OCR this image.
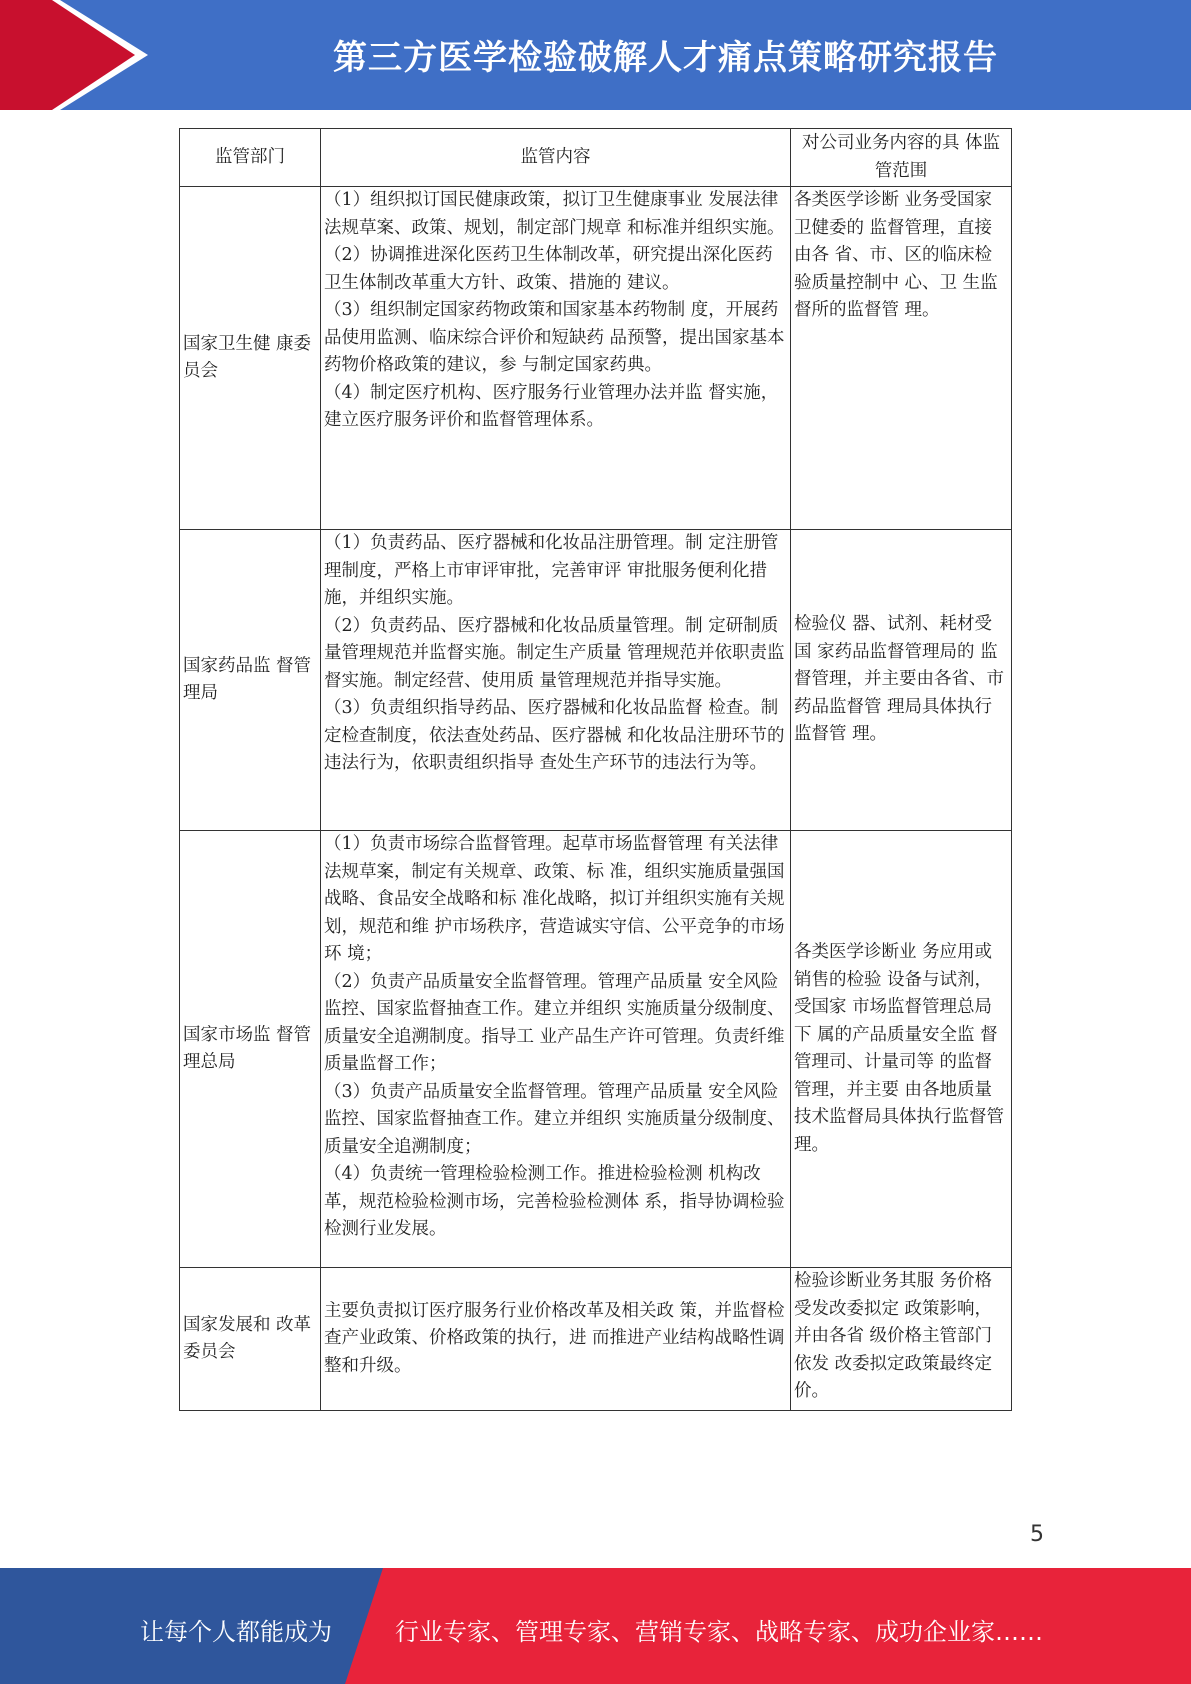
第三方医学检验破解人才痛点策略研究报告
监管部门	监管内容	对公司业务内容的具 体监管范围
国家卫生健 康委员会	（1）组织拟订国民健康政策，拟订卫生健康事业 发展法律法规草案、政策、规划，制定部门规章 和标准并组织实施。

（2）协调推进深化医药卫生体制改革，研究提出深化医药卫生体制改革重大方针、政策、措施的 建议。

（3）组织制定国家药物政策和国家基本药物制 度，开展药品使用监测、临床综合评价和短缺药 品预警，提出国家基本药物价格政策的建议，参 与制定国家药典。

（4）制定医疗机构、医疗服务行业管理办法并监 督实施，建立医疗服务评价和监督管理体系。	各类医学诊断 业务受国家卫健委的 监督管理，直接由各 省、市、区的临床检验质量控制中 心、卫 生监督所的监督管 理。
国家药品监 督管理局	（1）负责药品、医疗器械和化妆品注册管理。制 定注册管理制度，严格上市审评审批，完善审评 审批服务便利化措施，并组织实施。

（2）负责药品、医疗器械和化妆品质量管理。制 定研制质量管理规范并监督实施。制定生产质量 管理规范并依职责监督实施。制定经营、使用质 量管理规范并指导实施。

（3）负责组织指导药品、医疗器械和化妆品监督 检查。制定检查制度，依法查处药品、医疗器械 和化妆品注册环节的违法行为，依职责组织指导 查处生产环节的违法行为等。	检验仪 器、试剂、耗材受国 家药品监督管理局的 监督管理，并主要由各省、市药品监督管 理局具体执行监督管 理。
国家市场监 督管理总局	（1）负责市场综合监督管理。起草市场监督管理 有关法律法规草案，制定有关规章、政策、标 准，组织实施质量强国战略、食品安全战略和标 准化战略，拟订并组织实施有关规划，规范和维 护市场秩序，营造诚实守信、公平竞争的市场环 境；

（2）负责产品质量安全监督管理。管理产品质量 安全风险监控、国家监督抽查工作。建立并组织 实施质量分级制度、质量安全追溯制度。指导工 业产品生产许可管理。负责纤维质量监督工作；

（3）负责产品质量安全监督管理。管理产品质量 安全风险监控、国家监督抽查工作。建立并组织 实施质量分级制度、质量安全追溯制度；

（4）负责统一管理检验检测工作。推进检验检测 机构改革，规范检验检测市场，完善检验检测体 系，指导协调检验检测行业发展。	各类医学诊断业 务应用或销售的检验 设备与试剂，受国家 市场监督管理总局下 属的产品质量安全监 督管理司、计量司等 的监督管理，并主要 由各地质量技术监督局具体执行监督管 理。
国家发展和 改革委员会	主要负责拟订医疗服务行业价格改革及相关政 策，并监督检查产业政策、价格政策的执行，进 而推进产业结构战略性调整和升级。	检验诊断业务其服 务价格受发改委拟定 政策影响，并由各省 级价格主管部门依发 改委拟定政策最终定 价。
5
让每个人都能成为	行业专家、管理专家、营销专家、战略专家、成功企业家……
